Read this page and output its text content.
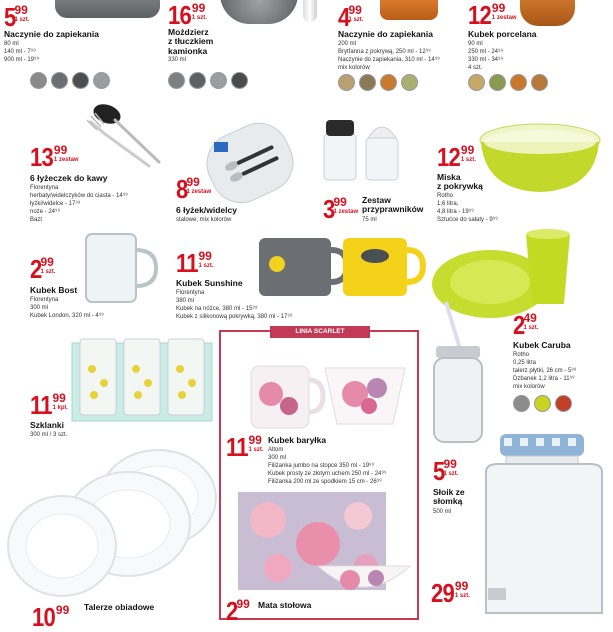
5 99
1 szt.
Naczynie do zapiekania
80 ml
140 ml - 7⁹⁹
900 ml - 19⁹⁹
16 99
1 szt.
Moździerz
z tłuczkiem
kamionka
330 ml
4 99
1 szt.
Naczynie do zapiekania
200 ml
Brytfanna z pokrywą, 250 ml - 12⁹⁹
Naczynie do zapiekania, 310 ml - 14⁹⁹
mix kolorów
12 99
1 zestaw
Kubek porcelana
90 ml
250 ml - 24⁹⁹
330 ml - 34⁹⁹
4 szt.
13 99
1 zestaw
6 łyżeczek do kawy
Florentyna
herbaty/widelczyków do ciasta - 14⁹⁹
łyżki/widelce - 17⁹⁹
noże - 24⁹⁹
Bazt
8 99
1 zestaw
6 łyżek/widelcy
stalowe, mix kolorów	3 99
1 zestaw
Zestaw
przyprawników
75 ml
12 99
1 szt.
Miska
z pokrywką
Rotho
1,6 litra,
4,8 litra - 19⁹⁹
Sztućce do sałaty - 9⁹⁹
2 99
1 szt.
Kubek Bost
Florentyna
300 ml
Kubek London, 320 ml - 4⁹⁹
11 99
1 szt.
Kubek Sunshine
Florentyna
380 ml
Kubek na nóżce, 380 ml - 15⁹⁹
Kubek z silikonową pokrywką, 380 ml - 17⁹⁹	2 49
1 szt.
Kubek Caruba
Rotho
0,25 litra
talerz płytki, 26 cm - 5⁹⁹
Dzbanek 1,2 litra - 11⁹⁹
mix kolorów
11 99
1 kpl.
Szklanki
300 ml / 3 szt.
LINIA SCARLET
11 99
1 szt.
Kubek baryłka
Altom
300 ml
Filiżanka jumbo na stopce 350 ml - 19⁹⁹
Kubek prosty ze złotym uchem 250 ml - 24⁹⁹
Filiżanka 200 ml ze spodkiem 15 cm - 26⁹⁹
2 99 Mata stołowa
5 99
1 szt.
Słoik ze
słomką
500 ml
29 99
1 szt.
10 99 Talerze obiadowe
